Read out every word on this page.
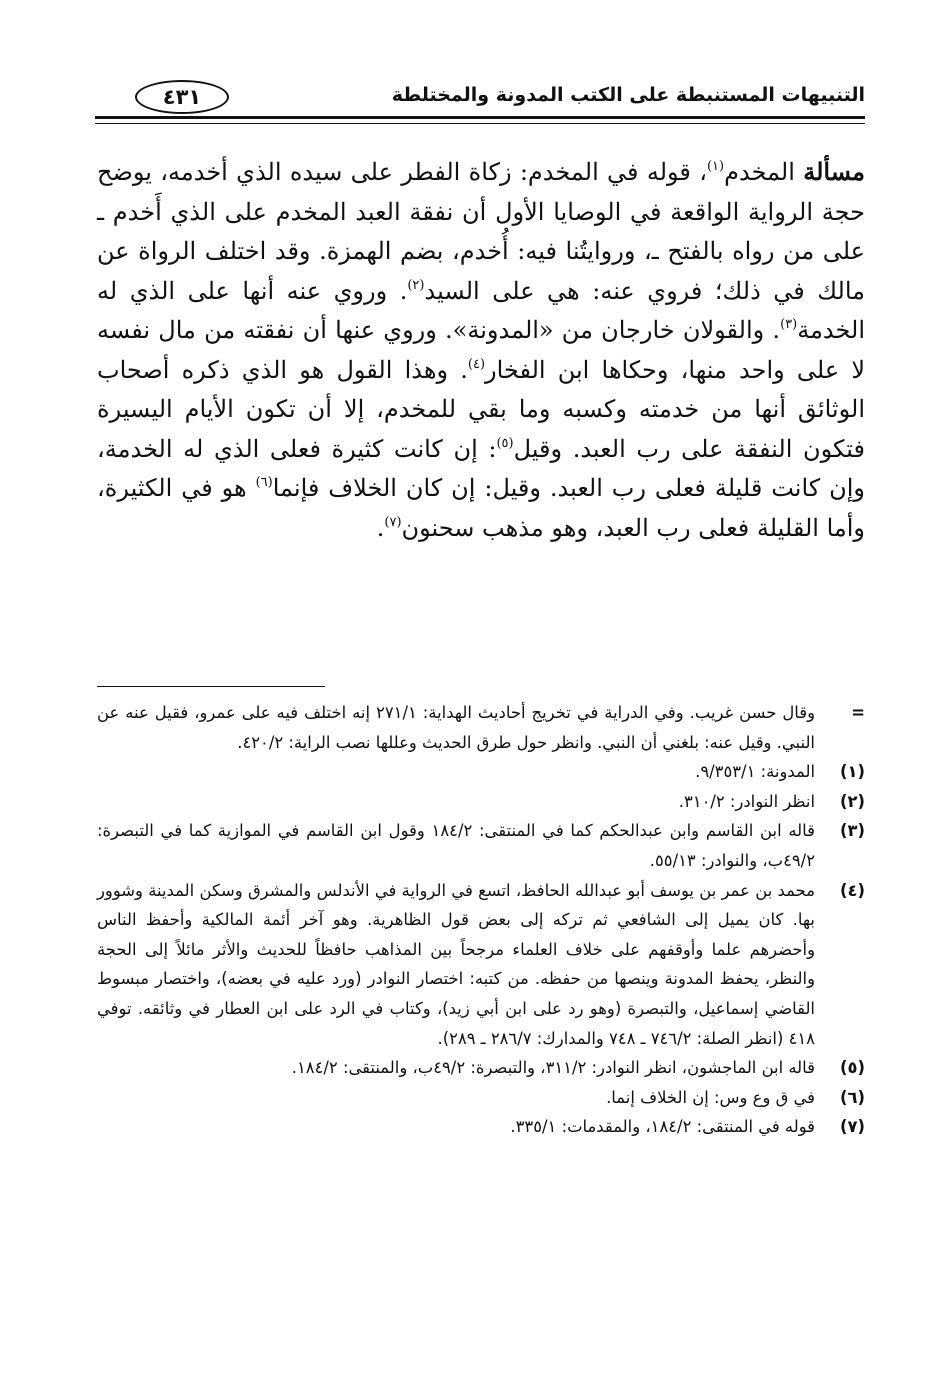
التنبيهات المستنبطة على الكتب المدونة والمختلطة
٤٣١

مسألة المخدم$^{(١)}$، قوله في المخدم: زكاة الفطر على سيده الذي أخدمه، يوضح حجة الرواية الواقعة في الوصايا الأول أن نفقة العبد المخدم على الذي أَخدم ـ على من رواه بالفتح ـ، وروايتُنا فيه: أُخدم، بضم الهمزة. وقد اختلف الرواة عن مالك في ذلك؛ فروي عنه: هي على السيد$^{(٢)}$. وروي عنه أنها على الذي له الخدمة$^{(٣)}$. والقولان خارجان من «المدونة». وروي عنها أن نفقته من مال نفسه لا على واحد منها، وحكاها ابن الفخار$^{(٤)}$. وهذا القول هو الذي ذكره أصحاب الوثائق أنها من خدمته وكسبه وما بقي للمخدم، إلا أن تكون الأيام اليسيرة فتكون النفقة على رب العبد. وقيل$^{(٥)}$: إن كانت كثيرة فعلى الذي له الخدمة، وإن كانت قليلة فعلى رب العبد. وقيل: إن كان الخلاف فإنما$^{(٦)}$ هو في الكثيرة، وأما القليلة فعلى رب العبد، وهو مذهب سحنون$^{(٧)}$.

=
وقال حسن غريب. وفي الدراية في تخريج أحاديث الهداية: ٢٧١/١ إنه اختلف فيه على عمرو، فقيل عنه عن النبي. وقيل عنه: بلغني أن النبي. وانظر حول طرق الحديث وعللها نصب الراية: ٤٢٠/٢.
(١)
المدونة: ٩/٣٥٣/١.
(٢)
انظر النوادر: ٣١٠/٢.
(٣)
قاله ابن القاسم وابن عبدالحكم كما في المنتقى: ١٨٤/٢ وقول ابن القاسم في الموازية كما في التبصرة: ٤٩/٢ب، والنوادر: ٥٥/١٣.
(٤)
محمد بن عمر بن يوسف أبو عبدالله الحافظ، اتسع في الرواية في الأندلس والمشرق وسكن المدينة وشوور بها. كان يميل إلى الشافعي ثم تركه إلى بعض قول الظاهرية. وهو آخر أئمة المالكية وأحفظ الناس وأحضرهم علما وأوقفهم على خلاف العلماء مرجحاً بين المذاهب حافظاً للحديث والأثر مائلاً إلى الحجة والنظر، يحفظ المدونة وينصها من حفظه. من كتبه: اختصار النوادر (ورد عليه في بعضه)، واختصار مبسوط القاضي إسماعيل، والتبصرة (وهو رد على ابن أبي زيد)، وكتاب في الرد على ابن العطار في وثائقه. توفي ٤١٨ (انظر الصلة: ٧٤٦/٢ ـ ٧٤٨ والمدارك: ٢٨٦/٧ ـ ٢٨٩).
(٥)
قاله ابن الماجشون، انظر النوادر: ٣١١/٢، والتبصرة: ٤٩/٢ب، والمنتقى: ١٨٤/٢.
(٦)
في ق وع وس: إن الخلاف إنما.
(٧)
قوله في المنتقى: ١٨٤/٢، والمقدمات: ٣٣٥/١.
